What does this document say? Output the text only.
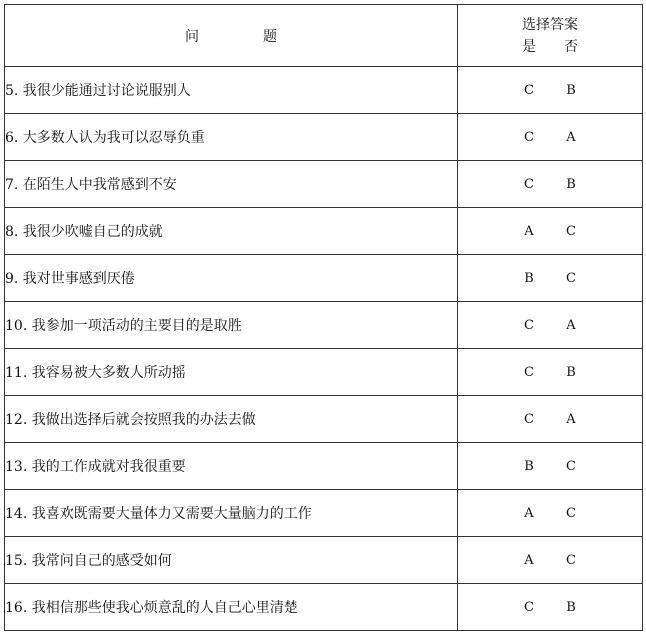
问 题	选择答案
是 否

5. 我很少能通过讨论说服别人	C B
6. 大多数人认为我可以忍辱负重	C A
7. 在陌生人中我常感到不安	C B
8. 我很少吹嘘自己的成就	A C
9. 我对世事感到厌倦	B C
10. 我参加一项活动的主要目的是取胜	C A
11. 我容易被大多数人所动摇	C B
12. 我做出选择后就会按照我的办法去做	C A
13. 我的工作成就对我很重要	B C
14. 我喜欢既需要大量体力又需要大量脑力的工作	A C
15. 我常问自己的感受如何	A C
16. 我相信那些使我心烦意乱的人自己心里清楚	C B
